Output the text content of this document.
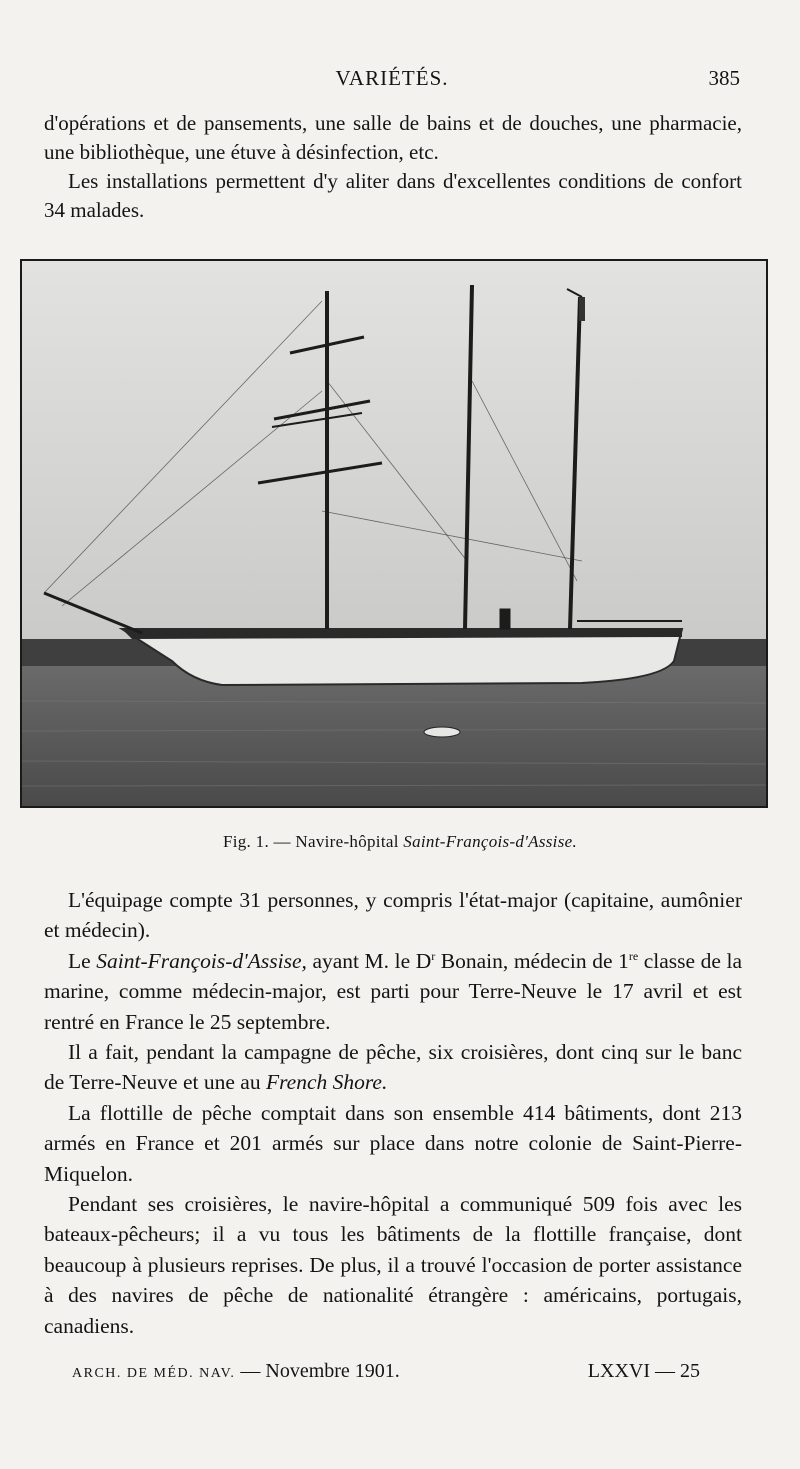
VARIÉTÉS.	385

d'opérations et de pansements, une salle de bains et de douches, une pharmacie, une bibliothèque, une étuve à désinfection, etc.

Les installations permettent d'y aliter dans d'excellentes conditions de confort 34 malades.

Fig. 1. — Navire-hôpital Saint-François-d'Assise.

L'équipage compte 31 personnes, y compris l'état-major (capitaine, aumônier et médecin).

Le Saint-François-d'Assise, ayant M. le $D^r$ Bonain, médecin de 1re classe de la marine, comme médecin-major, est parti pour Terre-Neuve le 17 avril et est rentré en France le 25 septembre.

Il a fait, pendant la campagne de pêche, six croisières, dont cinq sur le banc de Terre-Neuve et une au French Shore.

La flottille de pêche comptait dans son ensemble 414 bâtiments, dont 213 armés en France et 201 armés sur place dans notre colonie de Saint-Pierre-Miquelon.

Pendant ses croisières, le navire-hôpital a communiqué 509 fois avec les bateaux-pêcheurs; il a vu tous les bâtiments de la flottille française, dont beaucoup à plusieurs reprises. De plus, il a trouvé l'occasion de porter assistance à des navires de pêche de nationalité étrangère : américains, portugais, canadiens.

ARCH. DE MÉD. NAV. — Novembre 1901.	LXXVI — 25
